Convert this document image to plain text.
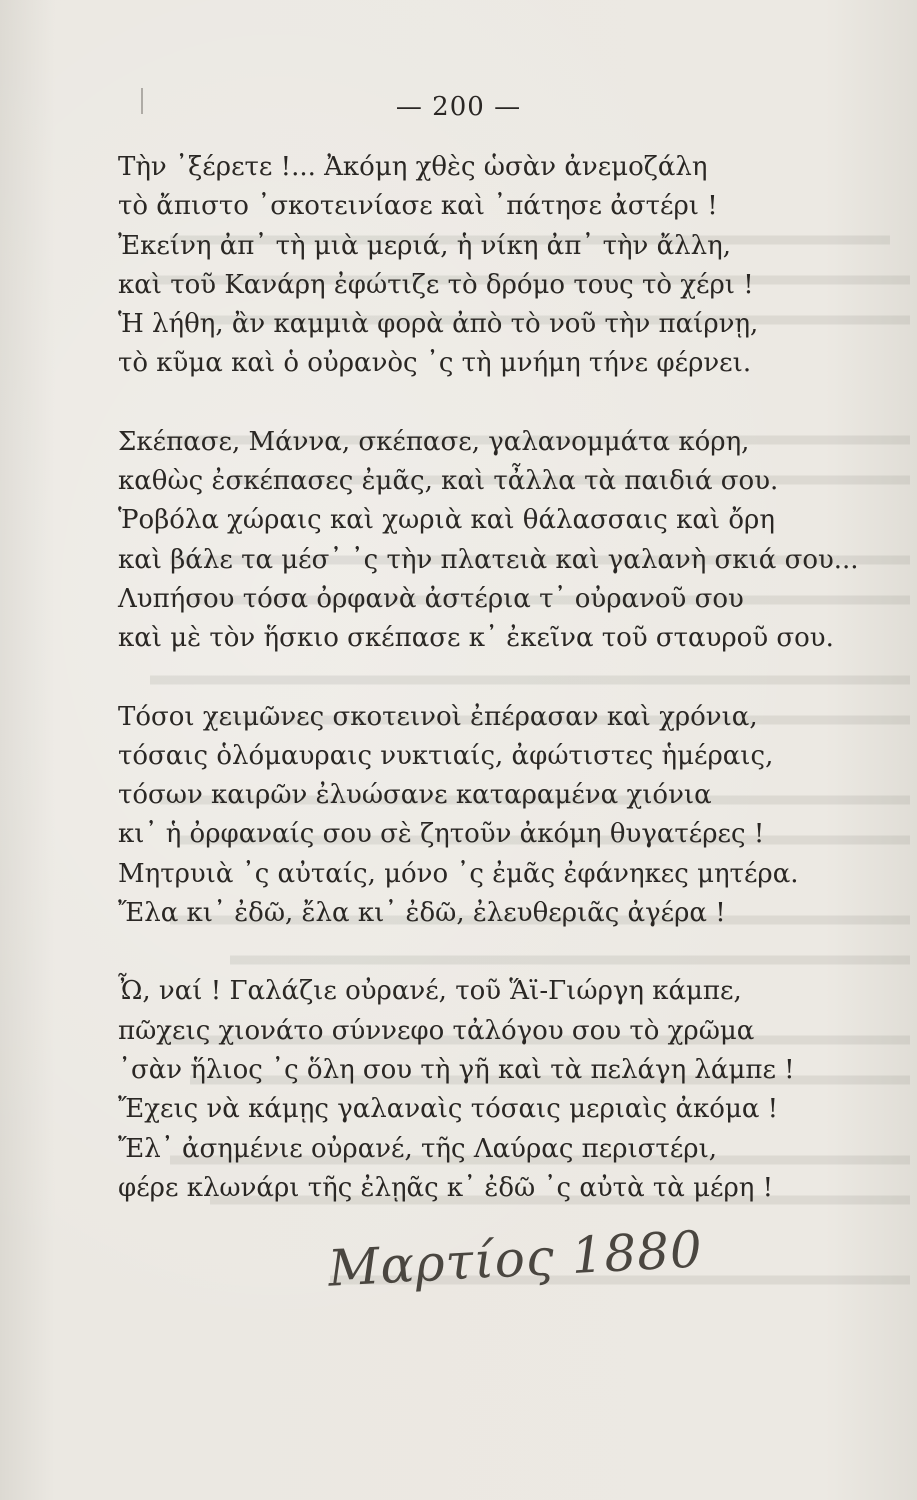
— 200 —
Τὴν ᾿ξέρετε !... Ἀκόμη χθὲς ὡσὰν ἀνεμοζάλη
τὸ ἄπιστο ᾿σκοτεινίασε καὶ ᾿πάτησε ἀστέρι !
Ἐκείνη ἀπ᾿ τὴ μιὰ μεριά, ἡ νίκη ἀπ᾿ τὴν ἄλλη,
καὶ τοῦ Κανάρη ἐφώτιζε τὸ δρόμο τους τὸ χέρι !
Ἡ λήθη, ἂν καμμιὰ φορὰ ἀπὸ τὸ νοῦ τὴν παίρνῃ,
τὸ κῦμα καὶ ὁ οὐρανὸς ᾿ς τὴ μνήμη τήνε φέρνει.
Σκέπασε, Μάννα, σκέπασε, γαλανομμάτα κόρη,
καθὼς ἐσκέπασες ἐμᾶς, καὶ τἆλλα τὰ παιδιά σου.
Ῥοβόλα χώραις καὶ χωριὰ καὶ θάλασσαις καὶ ὄρη
καὶ βάλε τα μέσ᾿ ᾿ς τὴν πλατειὰ καὶ γαλανὴ σκιά σου...
Λυπήσου τόσα ὀρφανὰ ἀστέρια τ᾿ οὐρανοῦ σου
καὶ μὲ τὸν ἥσκιο σκέπασε κ᾿ ἐκεῖνα τοῦ σταυροῦ σου.
Τόσοι χειμῶνες σκοτεινοὶ ἐπέρασαν καὶ χρόνια,
τόσαις ὁλόμαυραις νυκτιαίς, ἀφώτιστες ἡμέραις,
τόσων καιρῶν ἐλυώσανε καταραμένα χιόνια
κι᾿ ἡ ὀρφαναίς σου σὲ ζητοῦν ἀκόμη θυγατέρες !
Μητρυιὰ ᾿ς αὐταίς, μόνο ᾿ς ἐμᾶς ἐφάνηκες μητέρα.
Ἔλα κι᾿ ἐδῶ, ἔλα κι᾿ ἐδῶ, ἐλευθεριᾶς ἀγέρα !
Ὦ, ναί ! Γαλάζιε οὐρανέ, τοῦ Ἅϊ-Γιώργη κάμπε,
πῶχεις χιονάτο σύννεφο τἀλόγου σου τὸ χρῶμα
᾿σὰν ἥλιος ᾿ς ὅλη σου τὴ γῆ καὶ τὰ πελάγη λάμπε !
Ἔχεις νὰ κάμῃς γαλαναὶς τόσαις μεριαὶς ἀκόμα !
Ἔλ᾿ ἀσημένιε οὐρανέ, τῆς Λαύρας περιστέρι,
φέρε κλωνάρι τῆς ἐλῃᾶς κ᾿ ἐδῶ ᾿ς αὐτὰ τὰ μέρη !
Μαρτίος 1880
